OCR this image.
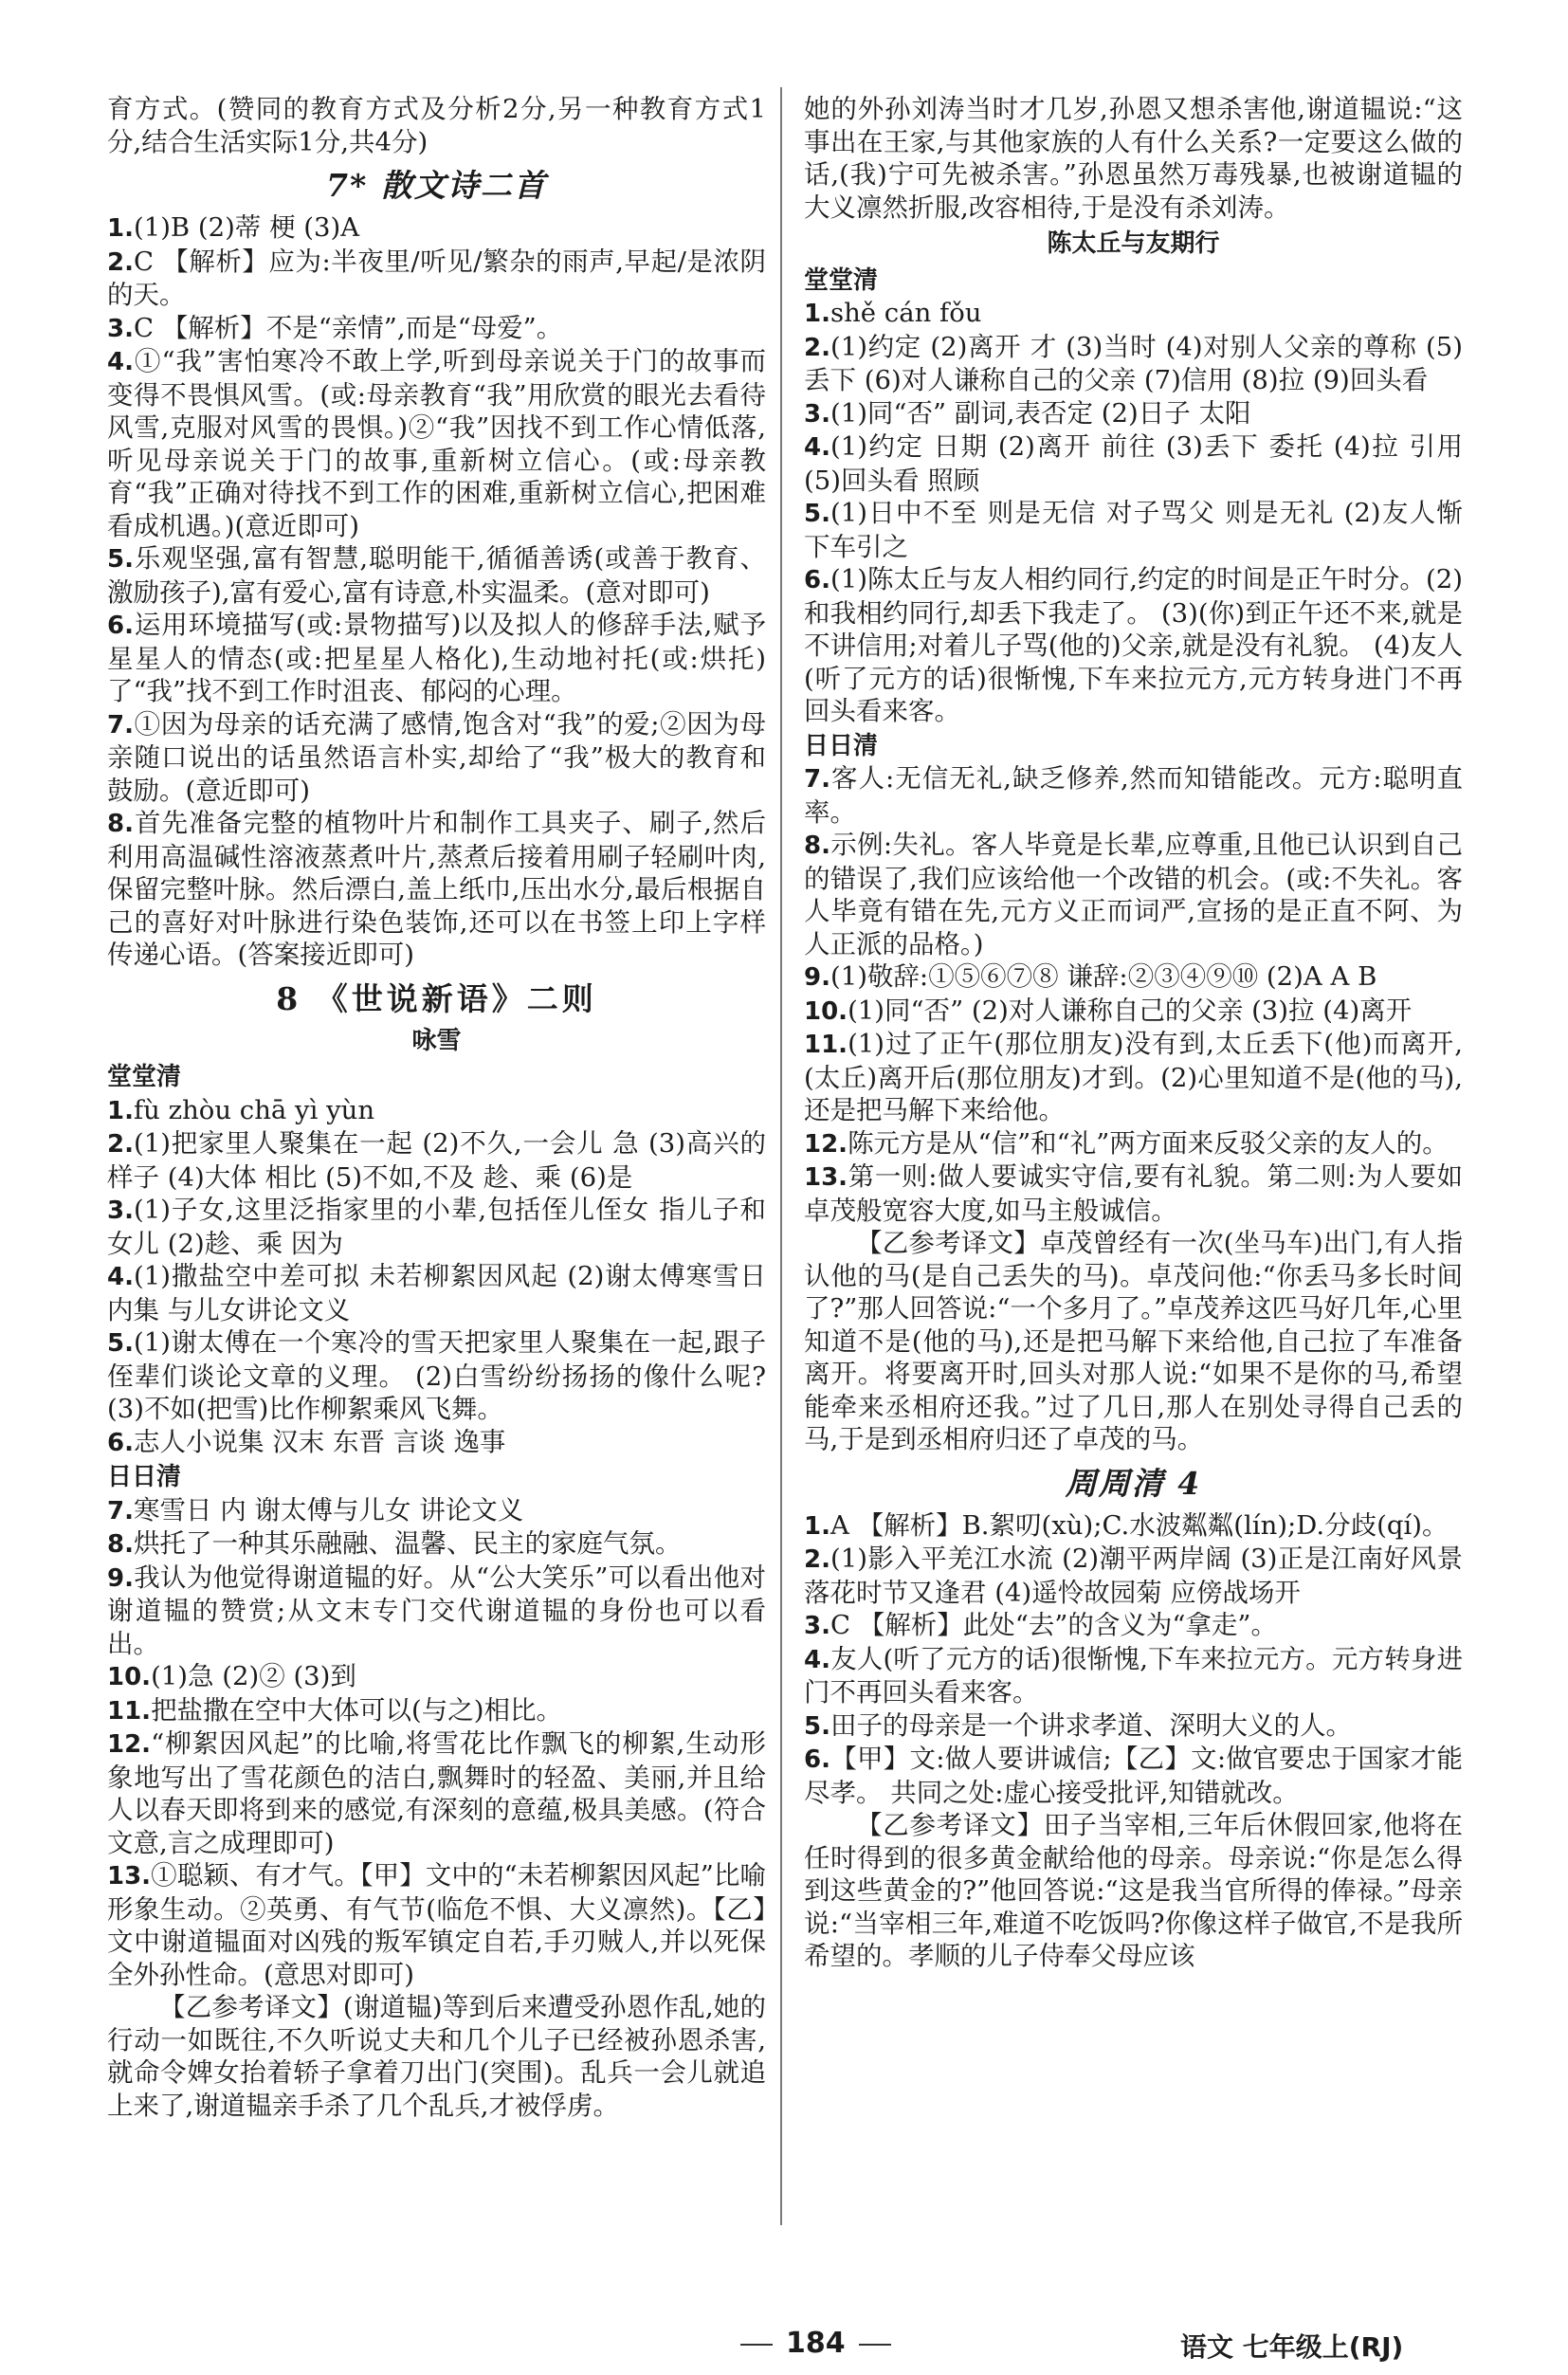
育方式。(赞同的教育方式及分析2分,另一种教育方式1分,结合生活实际1分,共4分)

7* 散文诗二首

1.(1)B (2)蒂 梗 (3)A

2.C 【解析】应为:半夜里/听见/繁杂的雨声,早起/是浓阴的天。

3.C 【解析】不是“亲情”,而是“母爱”。

4.①“我”害怕寒冷不敢上学,听到母亲说关于门的故事而变得不畏惧风雪。(或:母亲教育“我”用欣赏的眼光去看待风雪,克服对风雪的畏惧。)②“我”因找不到工作心情低落,听见母亲说关于门的故事,重新树立信心。(或:母亲教育“我”正确对待找不到工作的困难,重新树立信心,把困难看成机遇。)(意近即可)

5.乐观坚强,富有智慧,聪明能干,循循善诱(或善于教育、激励孩子),富有爱心,富有诗意,朴实温柔。(意对即可)

6.运用环境描写(或:景物描写)以及拟人的修辞手法,赋予星星人的情态(或:把星星人格化),生动地衬托(或:烘托)了“我”找不到工作时沮丧、郁闷的心理。

7.①因为母亲的话充满了感情,饱含对“我”的爱;②因为母亲随口说出的话虽然语言朴实,却给了“我”极大的教育和鼓励。(意近即可)

8.首先准备完整的植物叶片和制作工具夹子、刷子,然后利用高温碱性溶液蒸煮叶片,蒸煮后接着用刷子轻刷叶肉,保留完整叶脉。然后漂白,盖上纸巾,压出水分,最后根据自己的喜好对叶脉进行染色装饰,还可以在书签上印上字样传递心语。(答案接近即可)

8 《世说新语》二则
咏雪
堂堂清

1.fù zhòu chā yì yùn

2.(1)把家里人聚集在一起 (2)不久,一会儿 急 (3)高兴的样子 (4)大体 相比 (5)不如,不及 趁、乘 (6)是

3.(1)子女,这里泛指家里的小辈,包括侄儿侄女 指儿子和女儿 (2)趁、乘 因为

4.(1)撒盐空中差可拟 未若柳絮因风起 (2)谢太傅寒雪日内集 与儿女讲论文义

5.(1)谢太傅在一个寒冷的雪天把家里人聚集在一起,跟子侄辈们谈论文章的义理。 (2)白雪纷纷扬扬的像什么呢? (3)不如(把雪)比作柳絮乘风飞舞。

6.志人小说集 汉末 东晋 言谈 逸事

日日清

7.寒雪日 内 谢太傅与儿女 讲论文义

8.烘托了一种其乐融融、温馨、民主的家庭气氛。

9.我认为他觉得谢道韫的好。从“公大笑乐”可以看出他对谢道韫的赞赏;从文末专门交代谢道韫的身份也可以看出。

10.(1)急 (2)② (3)到

11.把盐撒在空中大体可以(与之)相比。

12.“柳絮因风起”的比喻,将雪花比作飘飞的柳絮,生动形象地写出了雪花颜色的洁白,飘舞时的轻盈、美丽,并且给人以春天即将到来的感觉,有深刻的意蕴,极具美感。(符合文意,言之成理即可)

13.①聪颖、有才气。【甲】文中的“未若柳絮因风起”比喻形象生动。②英勇、有气节(临危不惧、大义凛然)。【乙】文中谢道韫面对凶残的叛军镇定自若,手刃贼人,并以死保全外孙性命。(意思对即可)

【乙参考译文】(谢道韫)等到后来遭受孙恩作乱,她的行动一如既往,不久听说丈夫和几个儿子已经被孙恩杀害,就命令婢女抬着轿子拿着刀出门(突围)。乱兵一会儿就追上来了,谢道韫亲手杀了几个乱兵,才被俘虏。

她的外孙刘涛当时才几岁,孙恩又想杀害他,谢道韫说:“这事出在王家,与其他家族的人有什么关系?一定要这么做的话,(我)宁可先被杀害。”孙恩虽然万毒残暴,也被谢道韫的大义凛然折服,改容相待,于是没有杀刘涛。

陈太丘与友期行
堂堂清

1.shě cán fǒu

2.(1)约定 (2)离开 才 (3)当时 (4)对别人父亲的尊称 (5)丢下 (6)对人谦称自己的父亲 (7)信用 (8)拉 (9)回头看

3.(1)同“否” 副词,表否定 (2)日子 太阳

4.(1)约定 日期 (2)离开 前往 (3)丢下 委托 (4)拉 引用 (5)回头看 照顾

5.(1)日中不至 则是无信 对子骂父 则是无礼 (2)友人惭 下车引之

6.(1)陈太丘与友人相约同行,约定的时间是正午时分。(2)和我相约同行,却丢下我走了。 (3)(你)到正午还不来,就是不讲信用;对着儿子骂(他的)父亲,就是没有礼貌。 (4)友人(听了元方的话)很惭愧,下车来拉元方,元方转身进门不再回头看来客。

日日清

7.客人:无信无礼,缺乏修养,然而知错能改。元方:聪明直率。

8.示例:失礼。客人毕竟是长辈,应尊重,且他已认识到自己的错误了,我们应该给他一个改错的机会。(或:不失礼。客人毕竟有错在先,元方义正而词严,宣扬的是正直不阿、为人正派的品格。)

9.(1)敬辞:①⑤⑥⑦⑧ 谦辞:②③④⑨⑩ (2)A A B

10.(1)同“否” (2)对人谦称自己的父亲 (3)拉 (4)离开

11.(1)过了正午(那位朋友)没有到,太丘丢下(他)而离开,(太丘)离开后(那位朋友)才到。(2)心里知道不是(他的马),还是把马解下来给他。

12.陈元方是从“信”和“礼”两方面来反驳父亲的友人的。

13.第一则:做人要诚实守信,要有礼貌。第二则:为人要如卓茂般宽容大度,如马主般诚信。

【乙参考译文】卓茂曾经有一次(坐马车)出门,有人指认他的马(是自己丢失的马)。卓茂问他:“你丢马多长时间了?”那人回答说:“一个多月了。”卓茂养这匹马好几年,心里知道不是(他的马),还是把马解下来给他,自己拉了车准备离开。将要离开时,回头对那人说:“如果不是你的马,希望能牵来丞相府还我。”过了几日,那人在别处寻得自己丢的马,于是到丞相府归还了卓茂的马。

周周清 4

1.A 【解析】B.絮叨(xù);C.水波粼粼(lín);D.分歧(qí)。

2.(1)影入平羌江水流 (2)潮平两岸阔 (3)正是江南好风景 落花时节又逢君 (4)遥怜故园菊 应傍战场开

3.C 【解析】此处“去”的含义为“拿走”。

4.友人(听了元方的话)很惭愧,下车来拉元方。元方转身进门不再回头看来客。

5.田子的母亲是一个讲求孝道、深明大义的人。

6.【甲】文:做人要讲诚信;【乙】文:做官要忠于国家才能尽孝。 共同之处:虚心接受批评,知错就改。

【乙参考译文】田子当宰相,三年后休假回家,他将在任时得到的很多黄金献给他的母亲。母亲说:“你是怎么得到这些黄金的?”他回答说:“这是我当官所得的俸禄。”母亲说:“当宰相三年,难道不吃饭吗?你像这样子做官,不是我所希望的。孝顺的儿子侍奉父母应该

184	语文 七年级上(RJ)
